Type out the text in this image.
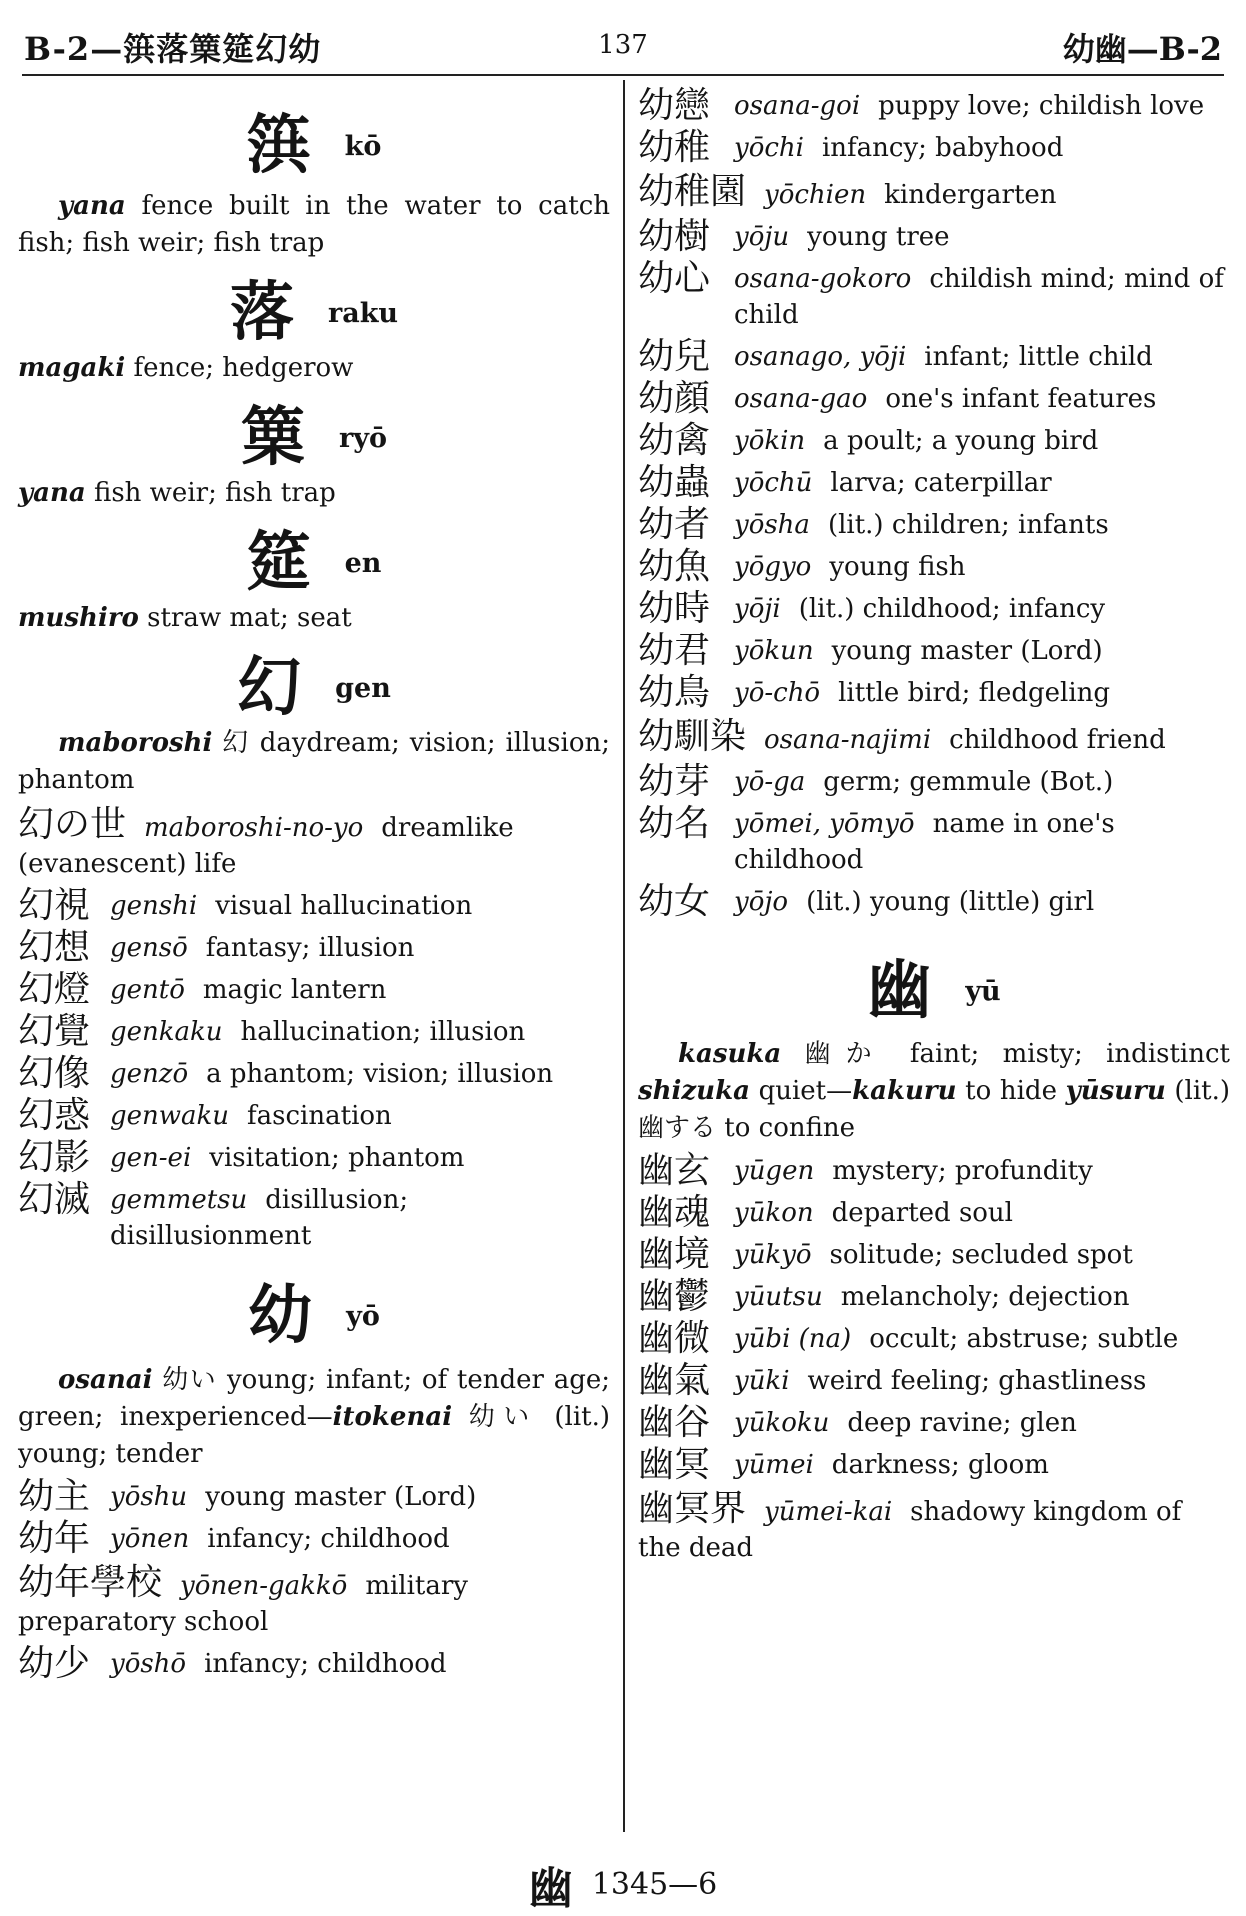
B-2—篊落篥筵幻幼	137	幼幽—B-2
篊 kō
yana fence built in the water to catch fish; fish weir; fish trap
落 raku
magaki fence; hedgerow
篥 ryō
yana fish weir; fish trap
筵 en
mushiro straw mat; seat
幻 gen
maboroshi 幻 daydream; vision; illusion; phantom
幻の世 maboroshi-no-yo dreamlike (evanescent) life
幻視 genshi visual hallucination
幻想 gensō fantasy; illusion
幻燈 gentō magic lantern
幻覺 genkaku hallucination; illusion
幻像 genzō a phantom; vision; illusion
幻惑 genwaku fascination
幻影 gen-ei visitation; phantom
幻滅 gemmetsu disillusion; disillusionment
幼 yō
osanai 幼い young; infant; of tender age; green; inexperienced—itokenai 幼い (lit.) young; tender
幼主 yōshu young master (Lord)
幼年 yōnen infancy; childhood
幼年學校 yōnen-gakkō military preparatory school
幼少 yōshō infancy; childhood
幼戀 osana-goi puppy love; childish love
幼稚 yōchi infancy; babyhood
幼稚園 yōchien kindergarten
幼樹 yōju young tree
幼心 osana-gokoro childish mind; mind of child
幼兒 osanago, yōji infant; little child
幼顔 osana-gao one's infant features
幼禽 yōkin a poult; a young bird
幼蟲 yōchū larva; caterpillar
幼者 yōsha (lit.) children; infants
幼魚 yōgyo young fish
幼時 yōji (lit.) childhood; infancy
幼君 yōkun young master (Lord)
幼鳥 yō-chō little bird; fledgeling
幼馴染 osana-najimi childhood friend
幼芽 yō-ga germ; gemmule (Bot.)
幼名 yōmei, yōmyō name in one's childhood
幼女 yōjo (lit.) young (little) girl
幽 yū
kasuka 幽か faint; misty; indistinct shizuka quiet—kakuru to hide yūsuru (lit.) 幽する to confine
幽玄 yūgen mystery; profundity
幽魂 yūkon departed soul
幽境 yūkyō solitude; secluded spot
幽鬱 yūutsu melancholy; dejection
幽微 yūbi (na) occult; abstruse; subtle
幽氣 yūki weird feeling; ghastliness
幽谷 yūkoku deep ravine; glen
幽冥 yūmei darkness; gloom
幽冥界 yūmei-kai shadowy kingdom of the dead
幽 1345—6
